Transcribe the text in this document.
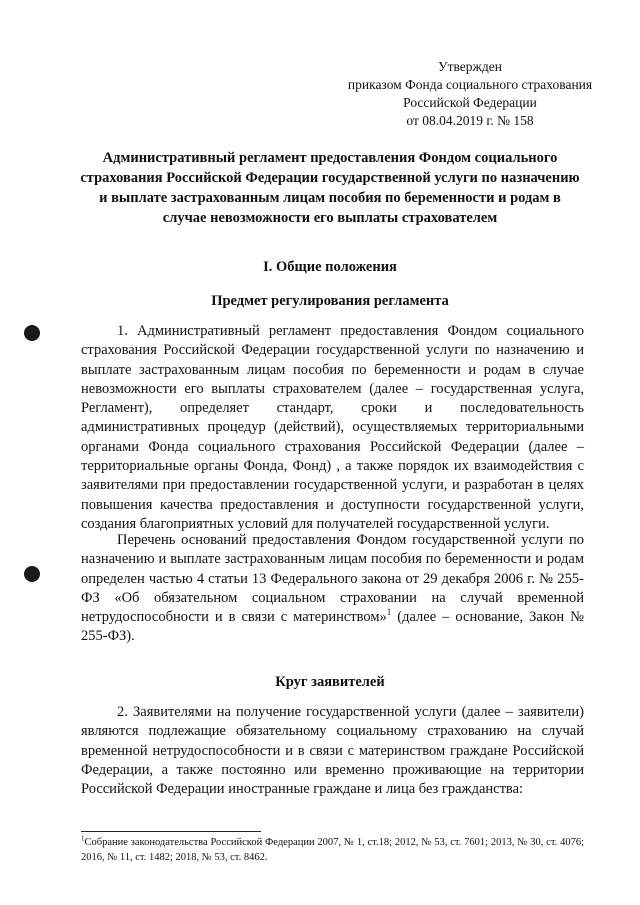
Утвержден
приказом Фонда социального страхования
Российской Федерации
от 08.04.2019 г. № 158
Административный регламент предоставления Фондом социального страхования Российской Федерации государственной услуги по назначению и выплате застрахованным лицам пособия по беременности и родам в случае невозможности его выплаты страхователем
I. Общие положения
Предмет регулирования регламента
1. Административный регламент предоставления Фондом социального страхования Российской Федерации государственной услуги по назначению и выплате застрахованным лицам пособия по беременности и родам в случае невозможности его выплаты страхователем (далее – государственная услуга, Регламент), определяет стандарт, сроки и последовательность административных процедур (действий), осуществляемых территориальными органами Фонда социального страхования Российской Федерации (далее – территориальные органы Фонда, Фонд) , а также порядок их взаимодействия с заявителями при предоставлении государственной услуги, и разработан в целях повышения качества предоставления и доступности государственной услуги, создания благоприятных условий для получателей государственной услуги.
Перечень оснований предоставления Фондом государственной услуги по назначению и выплате застрахованным лицам пособия по беременности и родам определен частью 4 статьи 13 Федерального закона от 29 декабря 2006 г. № 255-ФЗ «Об обязательном социальном страховании на случай временной нетрудоспособности и в связи с материнством»$^1$ (далее – основание, Закон № 255-ФЗ).
Круг заявителей
2. Заявителями на получение государственной услуги (далее – заявители) являются подлежащие обязательному социальному страхованию на случай временной нетрудоспособности и в связи с материнством граждане Российской Федерации, а также постоянно или временно проживающие на территории Российской Федерации иностранные граждане и лица без гражданства:
$^1$Собрание законодательства Российской Федерации 2007, № 1, ст.18; 2012, № 53, ст. 7601; 2013, № 30, ст. 4076; 2016, № 11, ст. 1482; 2018, № 53, ст. 8462.
